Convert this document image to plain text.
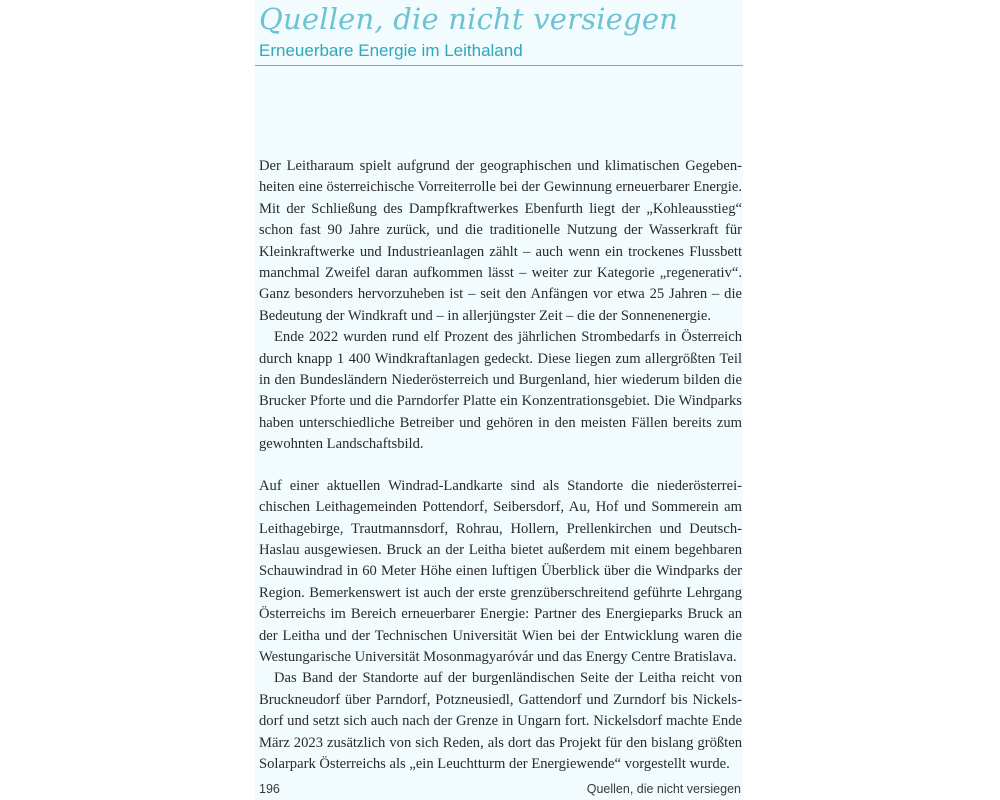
Quellen, die nicht versiegen
Erneuerbare Energie im Leithaland

Der Leitharaum spielt aufgrund der geographischen und klimatischen Gegebenheiten eine österreichische Vorreiterrolle bei der Gewinnung erneuerbarer Energie. Mit der Schließung des Dampfkraftwerkes Ebenfurth liegt der „Kohleausstieg“ schon fast 90 Jahre zurück, und die traditionelle Nutzung der Wasserkraft für Kleinkraftwerke und Industrieanlagen zählt – auch wenn ein trockenes Flussbett manchmal Zweifel daran aufkommen lässt – weiter zur Kategorie „regenerativ“. Ganz besonders hervorzuheben ist – seit den Anfängen vor etwa 25 Jahren – die Bedeutung der Windkraft und – in allerjüngster Zeit – die der Sonnenenergie.

Ende 2022 wurden rund elf Prozent des jährlichen Strombedarfs in Österreich durch knapp 1 400 Windkraftanlagen gedeckt. Diese liegen zum allergrößten Teil in den Bundesländern Niederösterreich und Burgenland, hier wiederum bilden die Brucker Pforte und die Parndorfer Platte ein Konzentrationsgebiet. Die Windparks haben unterschiedliche Betreiber und gehören in den meisten Fällen bereits zum gewohnten Landschaftsbild.

Auf einer aktuellen Windrad-Landkarte sind als Standorte die niederösterreichischen Leithagemeinden Pottendorf, Seibersdorf, Au, Hof und Sommerein am Leithagebirge, Trautmannsdorf, Rohrau, Hollern, Prellenkirchen und Deutsch-Haslau ausgewiesen. Bruck an der Leitha bietet außerdem mit einem begehbaren Schauwindrad in 60 Meter Höhe einen luftigen Überblick über die Windparks der Region. Bemerkenswert ist auch der erste grenzüberschreitend geführte Lehrgang Österreichs im Bereich erneuerbarer Energie: Partner des Energieparks Bruck an der Leitha und der Technischen Universität Wien bei der Entwicklung waren die Westungarische Universität Mosonmagyaróvár und das Energy Centre Bratislava.

Das Band der Standorte auf der burgenländischen Seite der Leitha reicht von Bruckneudorf über Parndorf, Potzneusiedl, Gattendorf und Zurndorf bis Nickelsdorf und setzt sich auch nach der Grenze in Ungarn fort. Nickelsdorf machte Ende März 2023 zusätzlich von sich Reden, als dort das Projekt für den bislang größten Solarpark Österreichs als „ein Leuchtturm der Energiewende“ vorgestellt wurde.

196	Quellen, die nicht versiegen
